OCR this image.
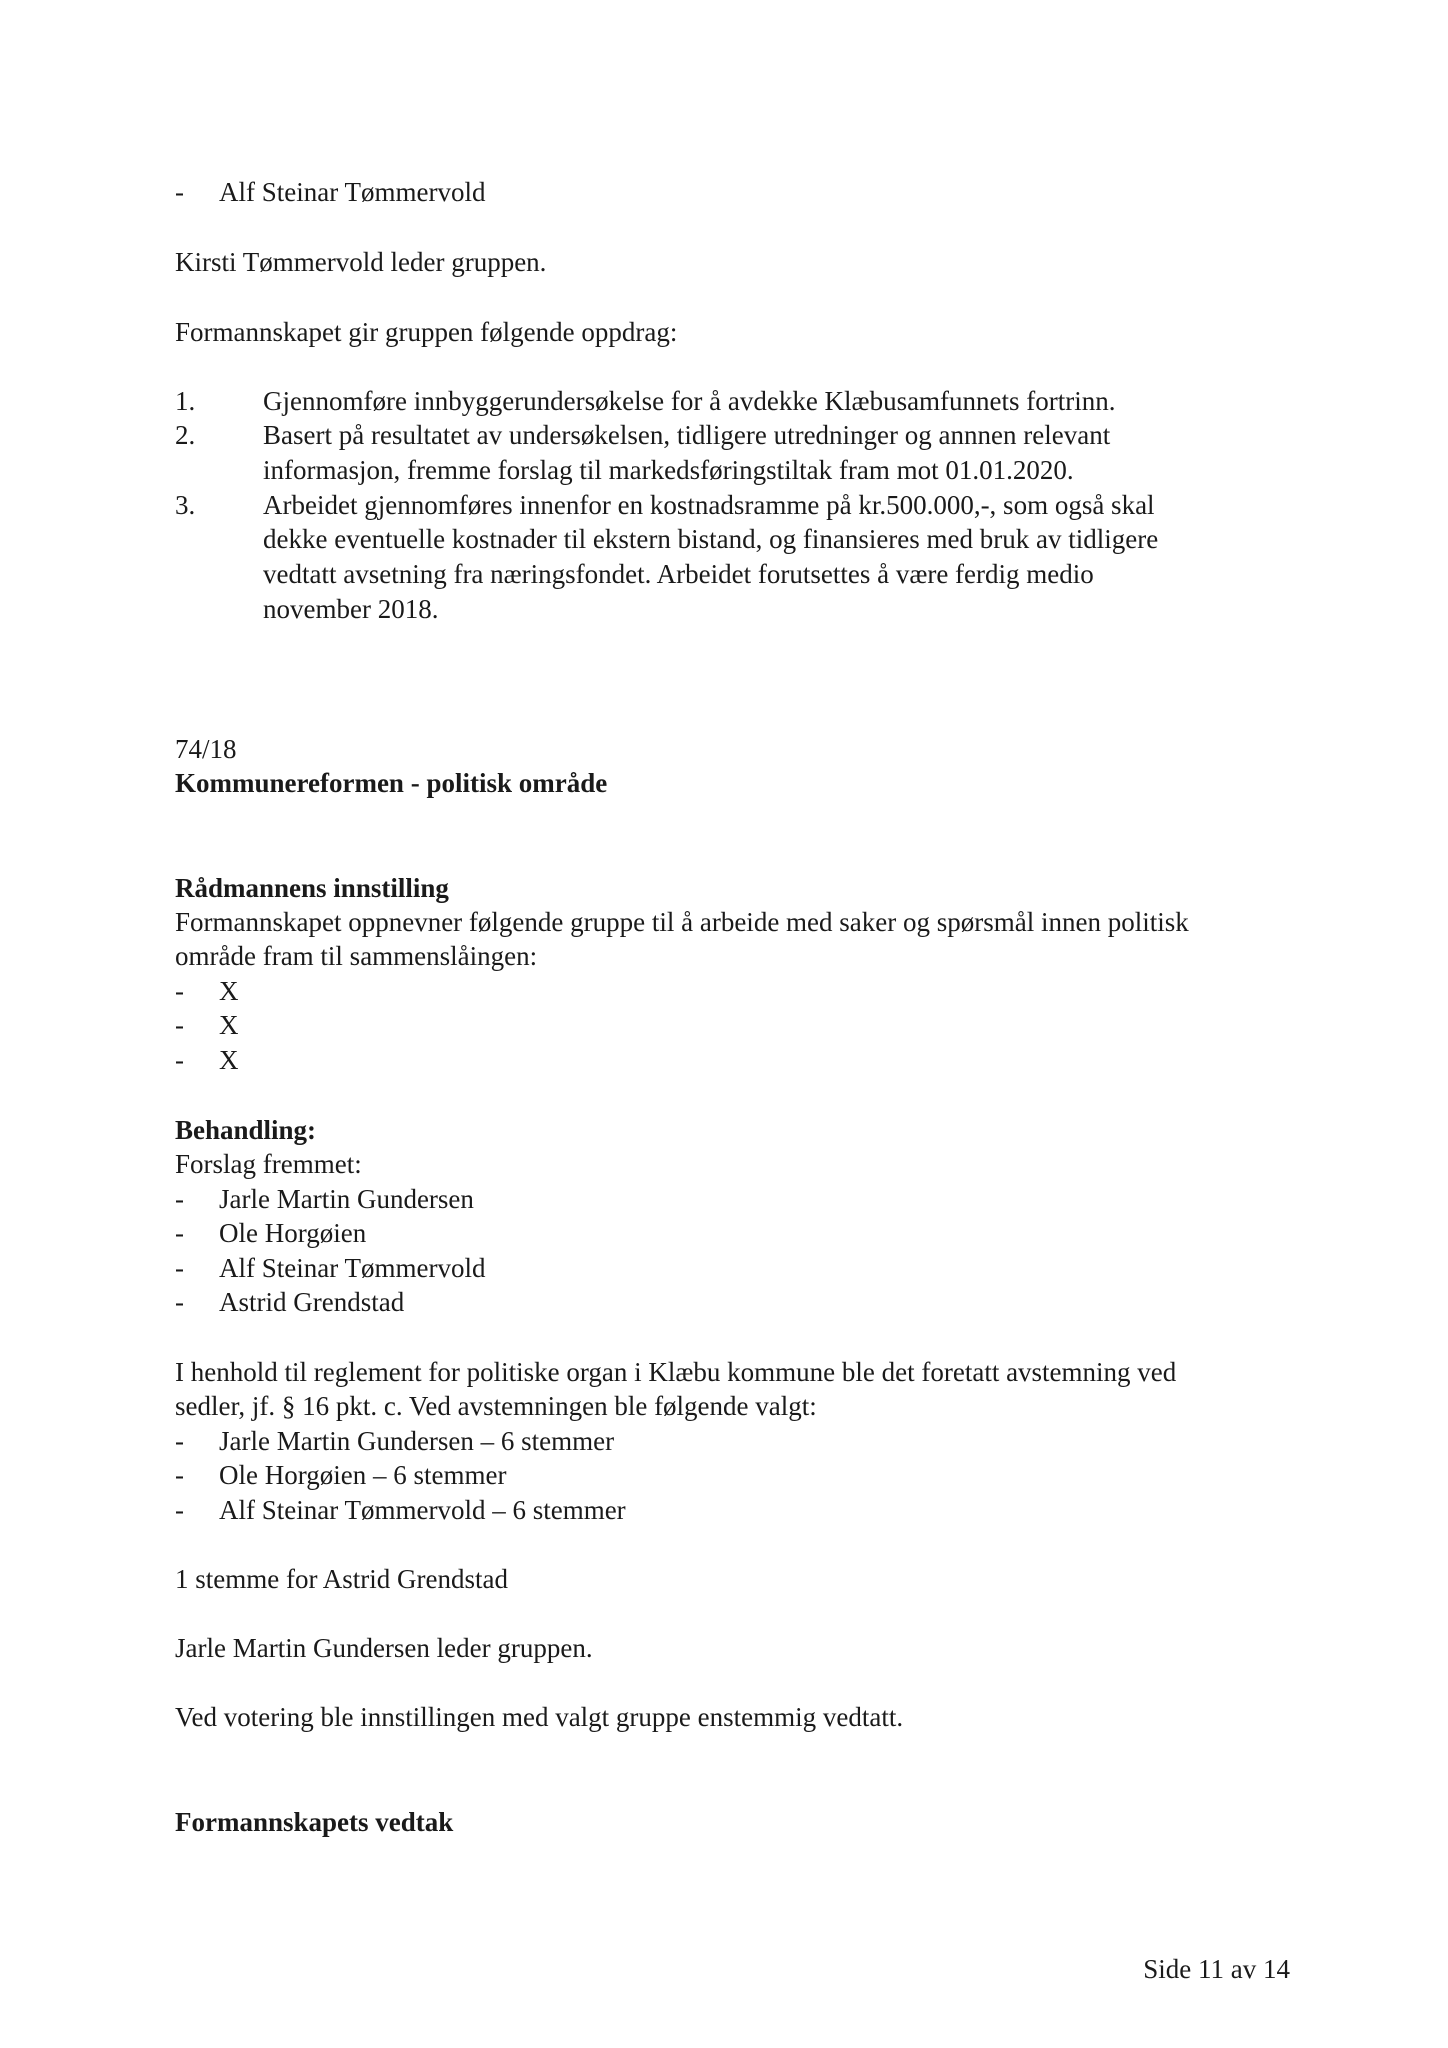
- Alf Steinar Tømmervold
Kirsti Tømmervold leder gruppen.
Formannskapet gir gruppen følgende oppdrag:
1.	Gjennomføre innbyggerundersøkelse for å avdekke Klæbusamfunnets fortrinn.
2.	Basert på resultatet av undersøkelsen, tidligere utredninger og annnen relevant
informasjon, fremme forslag til markedsføringstiltak fram mot 01.01.2020.
3.	Arbeidet gjennomføres innenfor en kostnadsramme på kr.500.000,-, som også skal
dekke eventuelle kostnader til ekstern bistand, og finansieres med bruk av tidligere
vedtatt avsetning fra næringsfondet. Arbeidet forutsettes å være ferdig medio
november 2018.
74/18
Kommunereformen - politisk område
Rådmannens innstilling
Formannskapet oppnevner følgende gruppe til å arbeide med saker og spørsmål innen politisk
område fram til sammenslåingen:
- X
- X
- X
Behandling:
Forslag fremmet:
- Jarle Martin Gundersen
- Ole Horgøien
- Alf Steinar Tømmervold
- Astrid Grendstad
I henhold til reglement for politiske organ i Klæbu kommune ble det foretatt avstemning ved
sedler, jf. § 16 pkt. c. Ved avstemningen ble følgende valgt:
- Jarle Martin Gundersen – 6 stemmer
- Ole Horgøien – 6 stemmer
- Alf Steinar Tømmervold – 6 stemmer
1 stemme for Astrid Grendstad
Jarle Martin Gundersen leder gruppen.
Ved votering ble innstillingen med valgt gruppe enstemmig vedtatt.
Formannskapets vedtak
Side 11 av 14
